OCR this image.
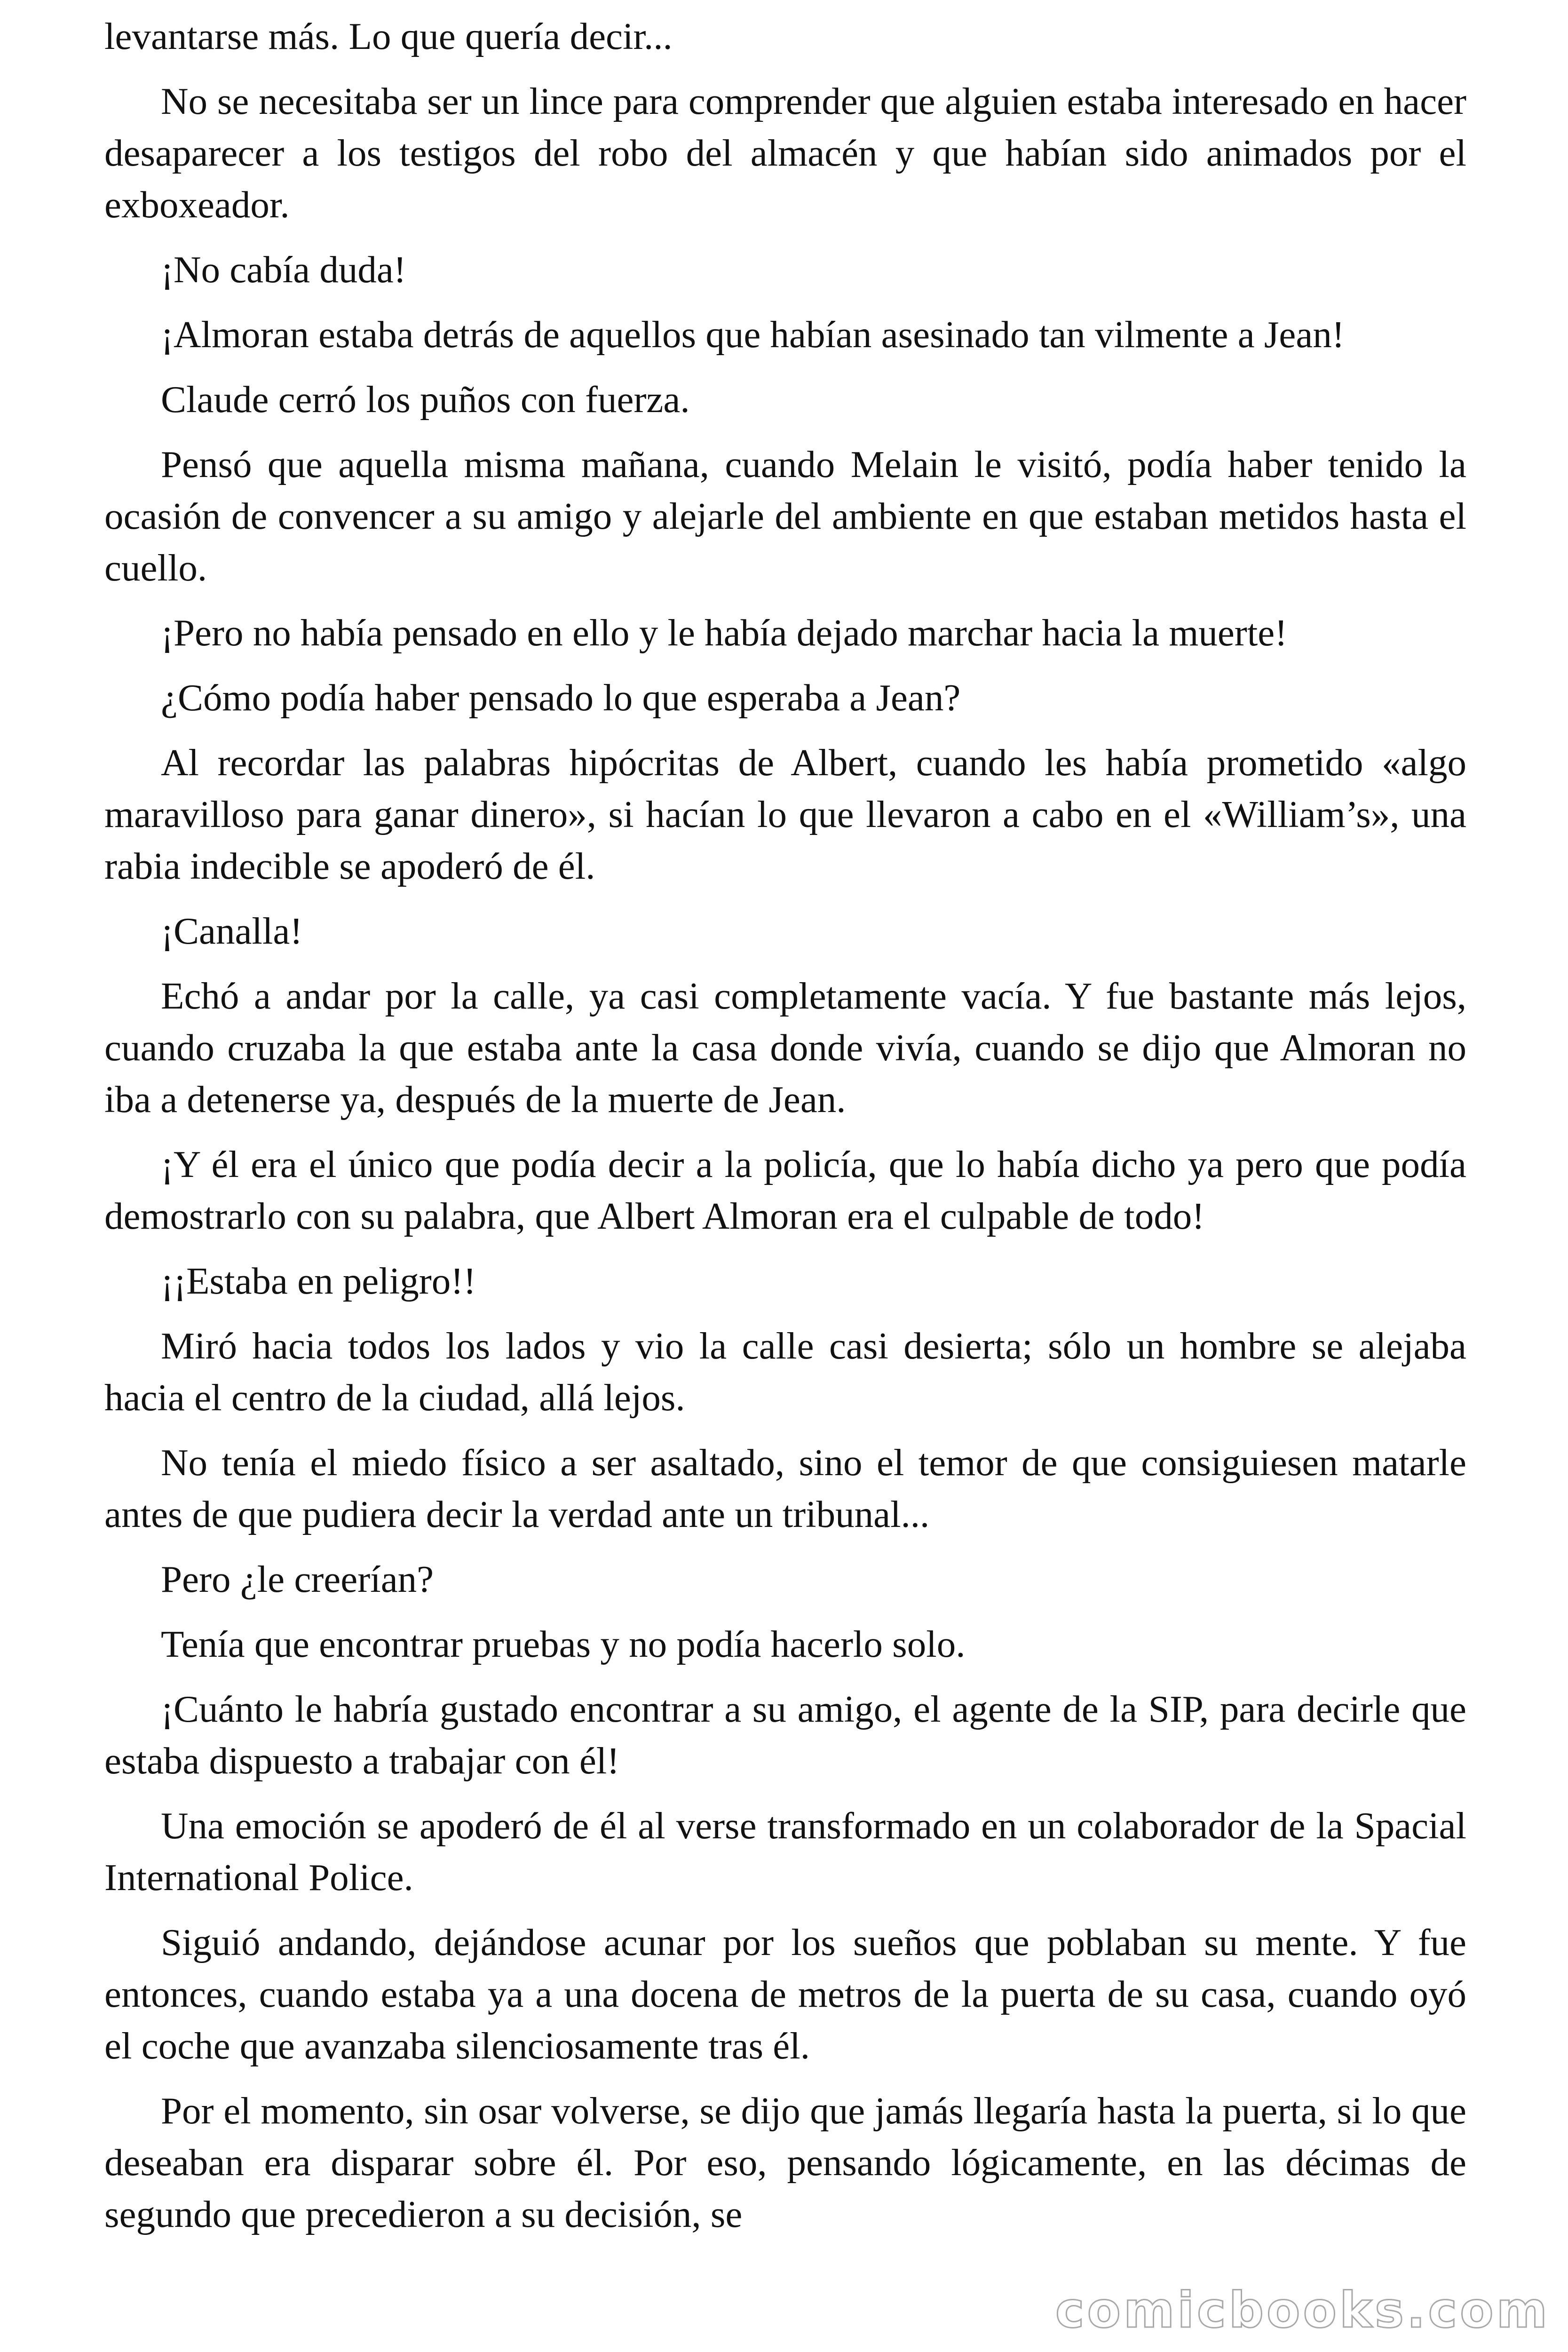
levantarse más. Lo que quería decir...

No se necesitaba ser un lince para comprender que alguien estaba interesado en hacer desaparecer a los testigos del robo del almacén y que habían sido animados por el exboxeador.

¡No cabía duda!

¡Almoran estaba detrás de aquellos que habían asesinado tan vilmente a Jean!

Claude cerró los puños con fuerza.

Pensó que aquella misma mañana, cuando Melain le visitó, podía haber tenido la ocasión de convencer a su amigo y alejarle del ambiente en que estaban metidos hasta el cuello.

¡Pero no había pensado en ello y le había dejado marchar hacia la muerte!

¿Cómo podía haber pensado lo que esperaba a Jean?

Al recordar las palabras hipócritas de Albert, cuando les había prometido «algo maravilloso para ganar dinero», si hacían lo que llevaron a cabo en el «William’s», una rabia indecible se apoderó de él.

¡Canalla!

Echó a andar por la calle, ya casi completamente vacía. Y fue bastante más lejos, cuando cruzaba la que estaba ante la casa donde vivía, cuando se dijo que Almoran no iba a detenerse ya, después de la muerte de Jean.

¡Y él era el único que podía decir a la policía, que lo había dicho ya pero que podía demostrarlo con su palabra, que Albert Almoran era el culpable de todo!

¡¡Estaba en peligro!!

Miró hacia todos los lados y vio la calle casi desierta; sólo un hombre se alejaba hacia el centro de la ciudad, allá lejos.

No tenía el miedo físico a ser asaltado, sino el temor de que consiguiesen matarle antes de que pudiera decir la verdad ante un tribunal...

Pero ¿le creerían?

Tenía que encontrar pruebas y no podía hacerlo solo.

¡Cuánto le habría gustado encontrar a su amigo, el agente de la SIP, para decirle que estaba dispuesto a trabajar con él!

Una emoción se apoderó de él al verse transformado en un colaborador de la Spacial International Police.

Siguió andando, dejándose acunar por los sueños que poblaban su mente. Y fue entonces, cuando estaba ya a una docena de metros de la puerta de su casa, cuando oyó el coche que avanzaba silenciosamente tras él.

Por el momento, sin osar volverse, se dijo que jamás llegaría hasta la puerta, si lo que deseaban era disparar sobre él. Por eso, pensando lógicamente, en las décimas de segundo que precedieron a su decisión, se

comicbooks.com
